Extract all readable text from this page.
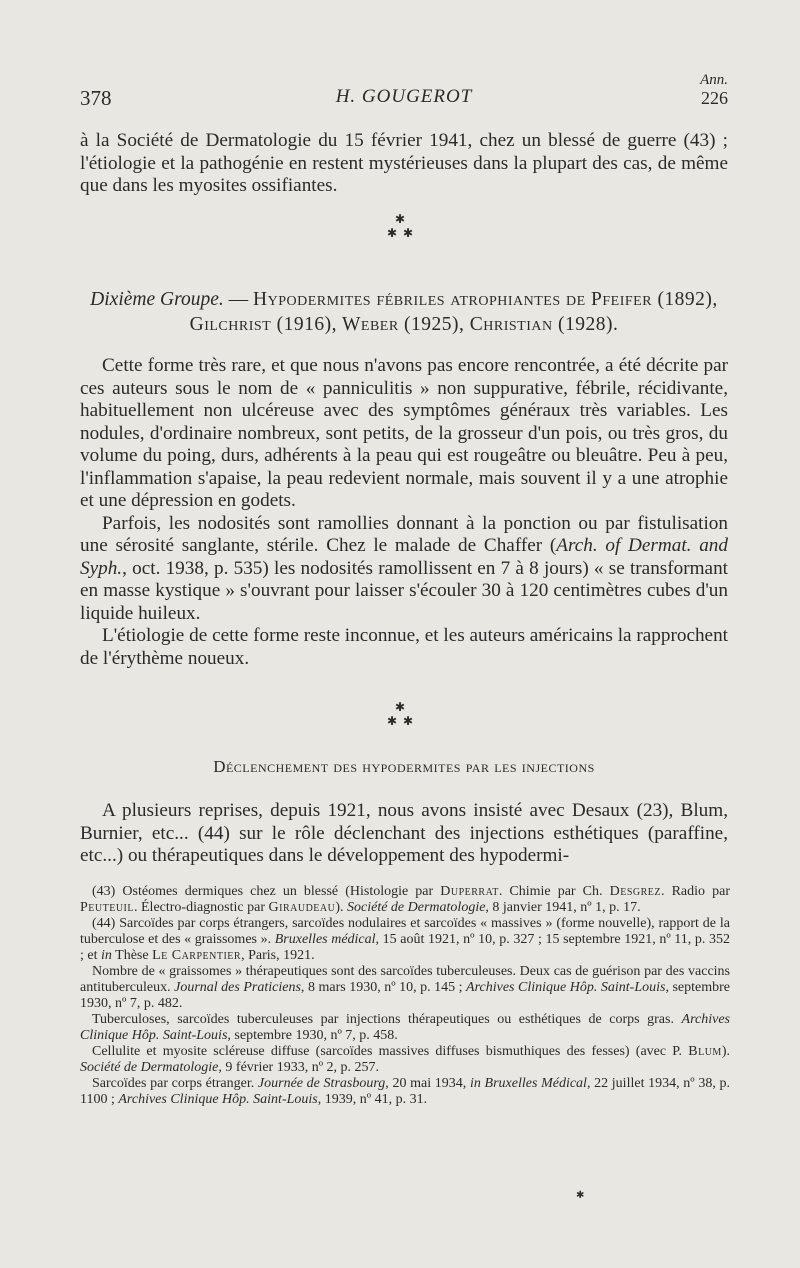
378	H. GOUGEROT
Ann.
226

à la Société de Dermatologie du 15 février 1941, chez un blessé de guerre (43) ; l'étiologie et la pathogénie en restent mystérieuses dans la plupart des cas, de même que dans les myosites ossifiantes.

✱
✱  ✱
Dixième Groupe. — Hypodermites fébriles atrophiantes de Pfeifer (1892),
Gilchrist (1916), Weber (1925), Christian (1928).

Cette forme très rare, et que nous n'avons pas encore rencontrée, a été décrite par ces auteurs sous le nom de « panniculitis » non suppurative, fébrile, récidivante, habituellement non ulcéreuse avec des symptômes généraux très variables. Les nodules, d'ordinaire nombreux, sont petits, de la grosseur d'un pois, ou très gros, du volume du poing, durs, adhérents à la peau qui est rougeâtre ou bleuâtre. Peu à peu, l'inflammation s'apaise, la peau redevient normale, mais souvent il y a une atrophie et une dépression en godets.

Parfois, les nodosités sont ramollies donnant à la ponction ou par fistulisation une sérosité sanglante, stérile. Chez le malade de Chaffer (Arch. of Dermat. and Syph., oct. 1938, p. 535) les nodosités ramollissent en 7 à 8 jours) « se transformant en masse kystique » s'ouvrant pour laisser s'écouler 30 à 120 centimètres cubes d'un liquide huileux.

L'étiologie de cette forme reste inconnue, et les auteurs américains la rapprochent de l'érythème noueux.

✱
✱  ✱
Déclenchement des hypodermites par les injections

A plusieurs reprises, depuis 1921, nous avons insisté avec Desaux (23), Blum, Burnier, etc... (44) sur le rôle déclenchant des injections esthétiques (paraffine, etc...) ou thérapeutiques dans le développement des hypodermi-

(43) Ostéomes dermiques chez un blessé (Histologie par Duperrat. Chimie par Ch. Desgrez. Radio par Peuteuil. Électro-diagnostic par Giraudeau). Société de Dermatologie, 8 janvier 1941, nº 1, p. 17.

(44) Sarcoïdes par corps étrangers, sarcoïdes nodulaires et sarcoïdes « massives » (forme nouvelle), rapport de la tuberculose et des « graissomes ». Bruxelles médical, 15 août 1921, nº 10, p. 327 ; 15 septembre 1921, nº 11, p. 352 ; et in Thèse Le Carpentier, Paris, 1921.

Nombre de « graissomes » thérapeutiques sont des sarcoïdes tuberculeuses. Deux cas de guérison par des vaccins antituberculeux. Journal des Praticiens, 8 mars 1930, nº 10, p. 145 ; Archives Clinique Hôp. Saint-Louis, septembre 1930, nº 7, p. 482.

Tuberculoses, sarcoïdes tuberculeuses par injections thérapeutiques ou esthétiques de corps gras. Archives Clinique Hôp. Saint-Louis, septembre 1930, nº 7, p. 458.

Cellulite et myosite scléreuse diffuse (sarcoïdes massives diffuses bismuthiques des fesses) (avec P. Blum). Société de Dermatologie, 9 février 1933, nº 2, p. 257.

Sarcoïdes par corps étranger. Journée de Strasbourg, 20 mai 1934, in Bruxelles Médical, 22 juillet 1934, nº 38, p. 1100 ; Archives Clinique Hôp. Saint-Louis, 1939, nº 41, p. 31.

✱
